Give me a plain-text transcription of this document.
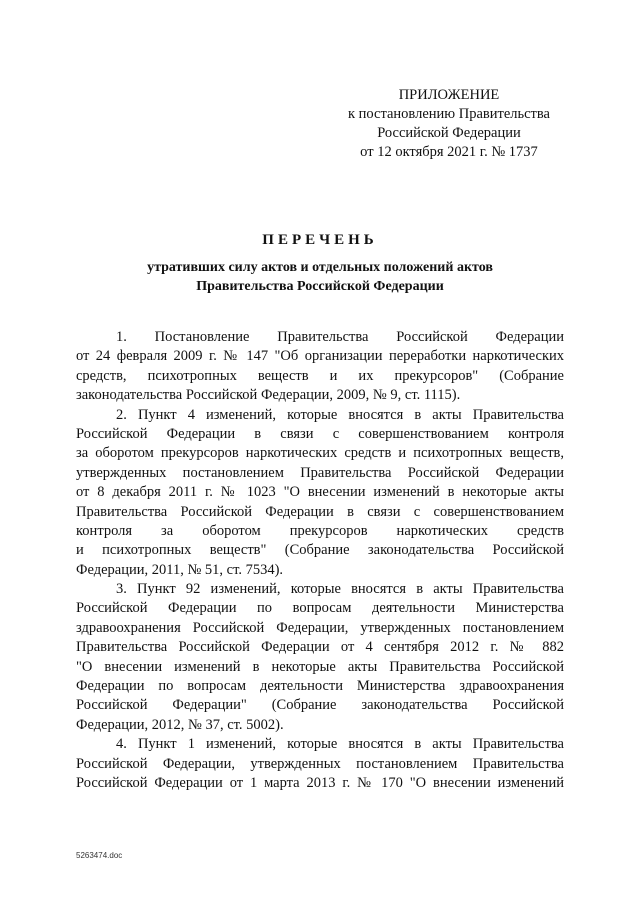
ПРИЛОЖЕНИЕ
к постановлению Правительства
Российской Федерации
от 12 октября 2021 г. № 1737
ПЕРЕЧЕНЬ
утративших силу актов и отдельных положений актов
Правительства Российской Федерации
1. Постановление Правительства Российской Федерации
от 24 февраля 2009 г. № 147 "Об организации переработки наркотических
средств, психотропных веществ и их прекурсоров" (Собрание
законодательства Российской Федерации, 2009, № 9, ст. 1115).
2. Пункт 4 изменений, которые вносятся в акты Правительства
Российской Федерации в связи с совершенствованием контроля
за оборотом прекурсоров наркотических средств и психотропных веществ,
утвержденных постановлением Правительства Российской Федерации
от 8 декабря 2011 г. № 1023 "О внесении изменений в некоторые акты
Правительства Российской Федерации в связи с совершенствованием
контроля за оборотом прекурсоров наркотических средств
и психотропных веществ" (Собрание законодательства Российской
Федерации, 2011, № 51, ст. 7534).
3. Пункт 92 изменений, которые вносятся в акты Правительства
Российской Федерации по вопросам деятельности Министерства
здравоохранения Российской Федерации, утвержденных постановлением
Правительства Российской Федерации от 4 сентября 2012 г. № 882
"О внесении изменений в некоторые акты Правительства Российской
Федерации по вопросам деятельности Министерства здравоохранения
Российской Федерации" (Собрание законодательства Российской
Федерации, 2012, № 37, ст. 5002).
4. Пункт 1 изменений, которые вносятся в акты Правительства
Российской Федерации, утвержденных постановлением Правительства
Российской Федерации от 1 марта 2013 г. № 170 "О внесении изменений
5263474.doc
